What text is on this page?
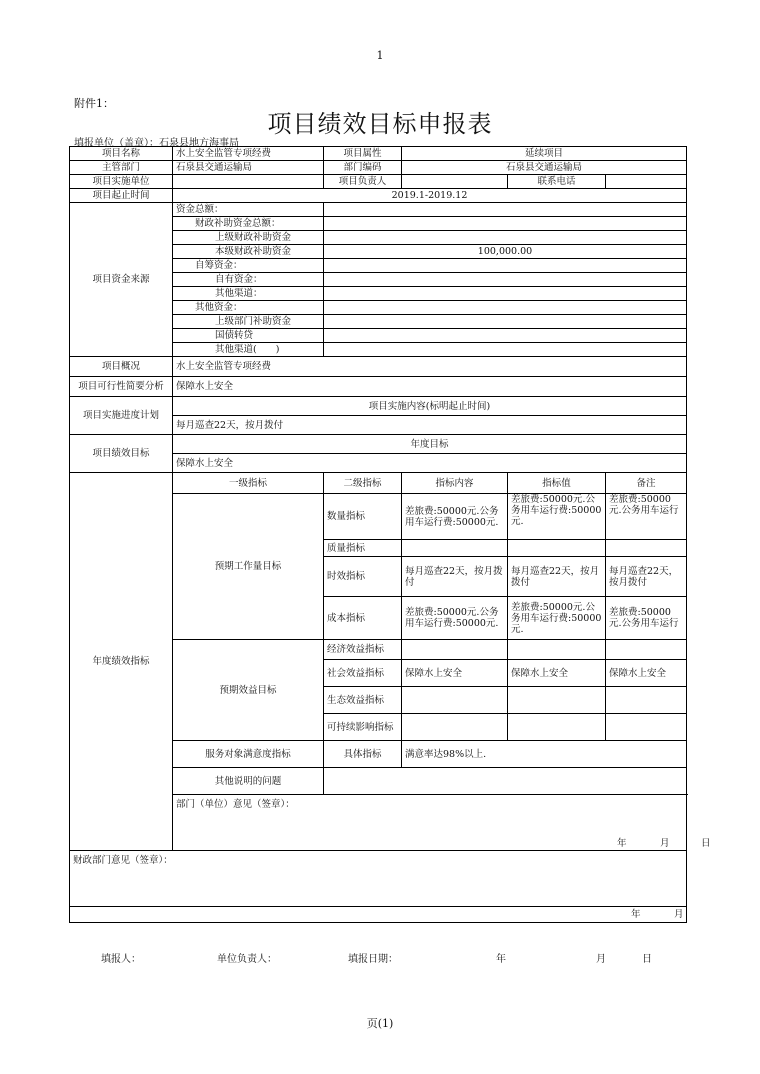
1
附件1：
项目绩效目标申报表
填报单位（盖章）：石泉县地方海事局
项目名称	水上安全监管专项经费	项目属性	延续项目		
主管部门	石泉县交通运输局	部门编码	石泉县交通运输局		
项目实施单位		项目负责人		联系电话	
项目起止时间	2019.1-2019.12				
项目资金来源	资金总额：				
	财政补助资金总额：				
	上级财政补助资金				
	本级财政补助资金	100,000.00			
	自筹资金：				
	自有资金：				
	其他渠道：				
	其他资金：				
	上级部门补助资金				
	国债转贷				
	其他渠道(　　)				
项目概况	水上安全监管专项经费				
项目可行性简要分析	保障水上安全				
项目实施进度计划	项目实施内容(标明起止时间)				
	每月巡查22天，按月拨付				
项目绩效目标	年度目标				
	保障水上安全				
年度绩效指标	一级指标	二级指标	指标内容	指标值	备注
	预期工作量目标	数量指标	差旅费:50000元.公务用车运行费:50000元.	差旅费:50000元.公务用车运行费:50000元.	差旅费:50000元.公务用车运行
		质量指标			
		时效指标	每月巡查22天，按月拨付	每月巡查22天，按月拨付	每月巡查22天，按月拨付
		成本指标	差旅费:50000元.公务用车运行费:50000元.	差旅费:50000元.公务用车运行费:50000元.	差旅费:50000元.公务用车运行
	预期效益目标	经济效益指标			
		社会效益指标	保障水上安全	保障水上安全	保障水上安全
		生态效益指标			
		可持续影响指标			
	服务对象满意度指标	具体指标	满意率达98%以上.		
	其他说明的问题				

	部门（单位）意见（签章）：
年 月 日				

财政部门意见（签章）：					

年 月					
填报人：	单位负责人：	填报日期：	年	月	日
页(1)
